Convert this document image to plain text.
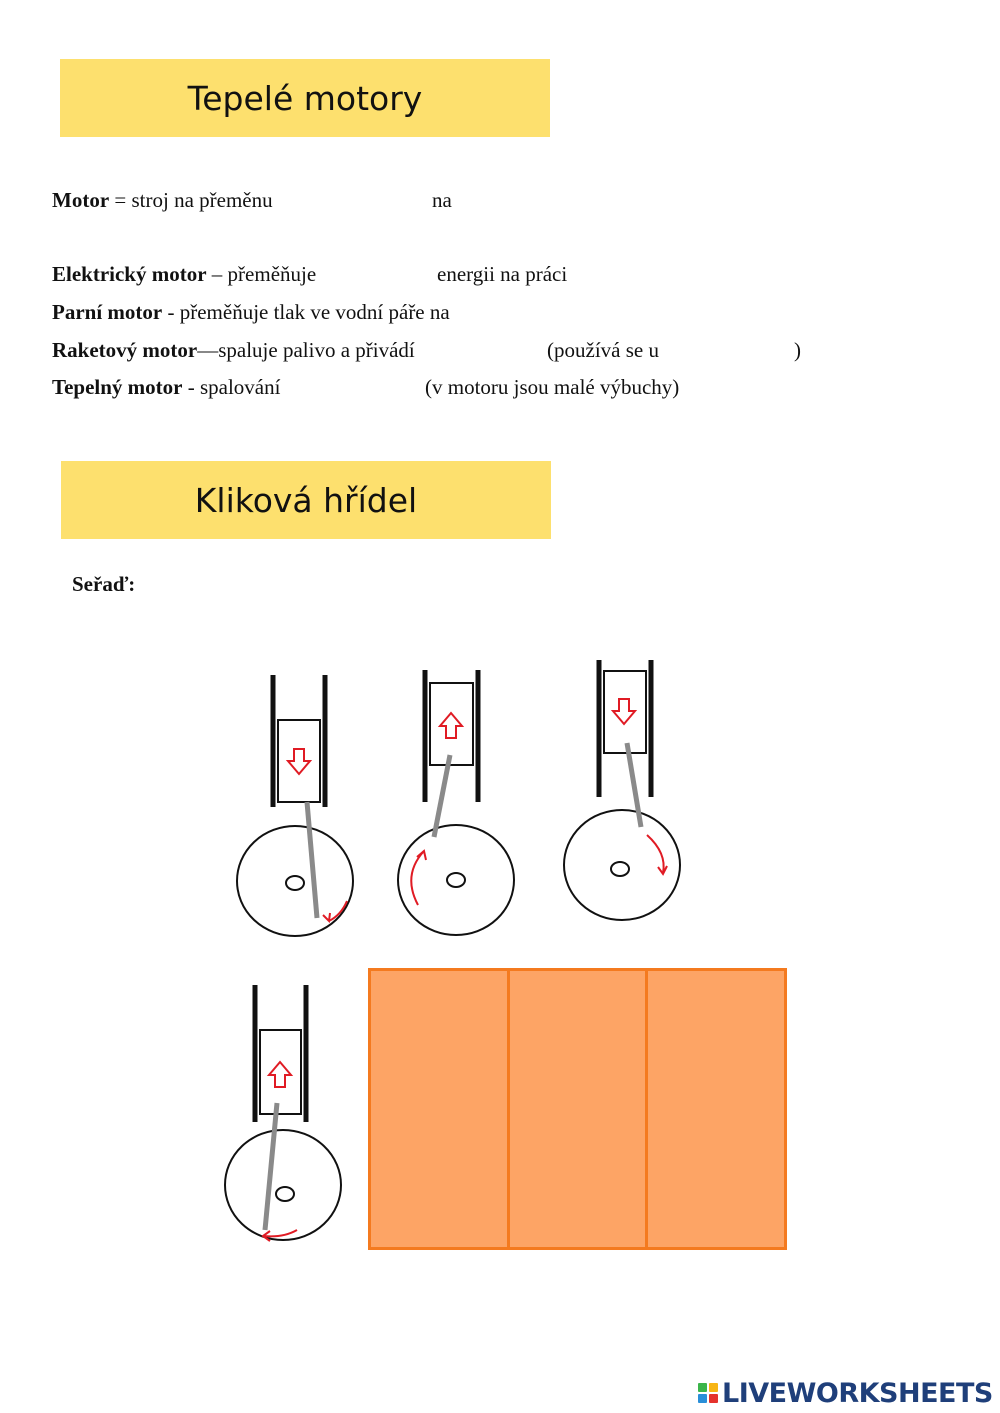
Tepelé motory
Motor = stroj na přeměnu	na
Elektrický motor – přeměňuje	energii na práci
Parní motor - přeměňuje tlak ve vodní páře na
Raketový motor—spaluje palivo a přivádí	(používá se u	)
Tepelný motor - spalování	(v motoru jsou malé výbuchy)
Kliková hřídel
Seřaď:
LIVEWORKSHEETS
